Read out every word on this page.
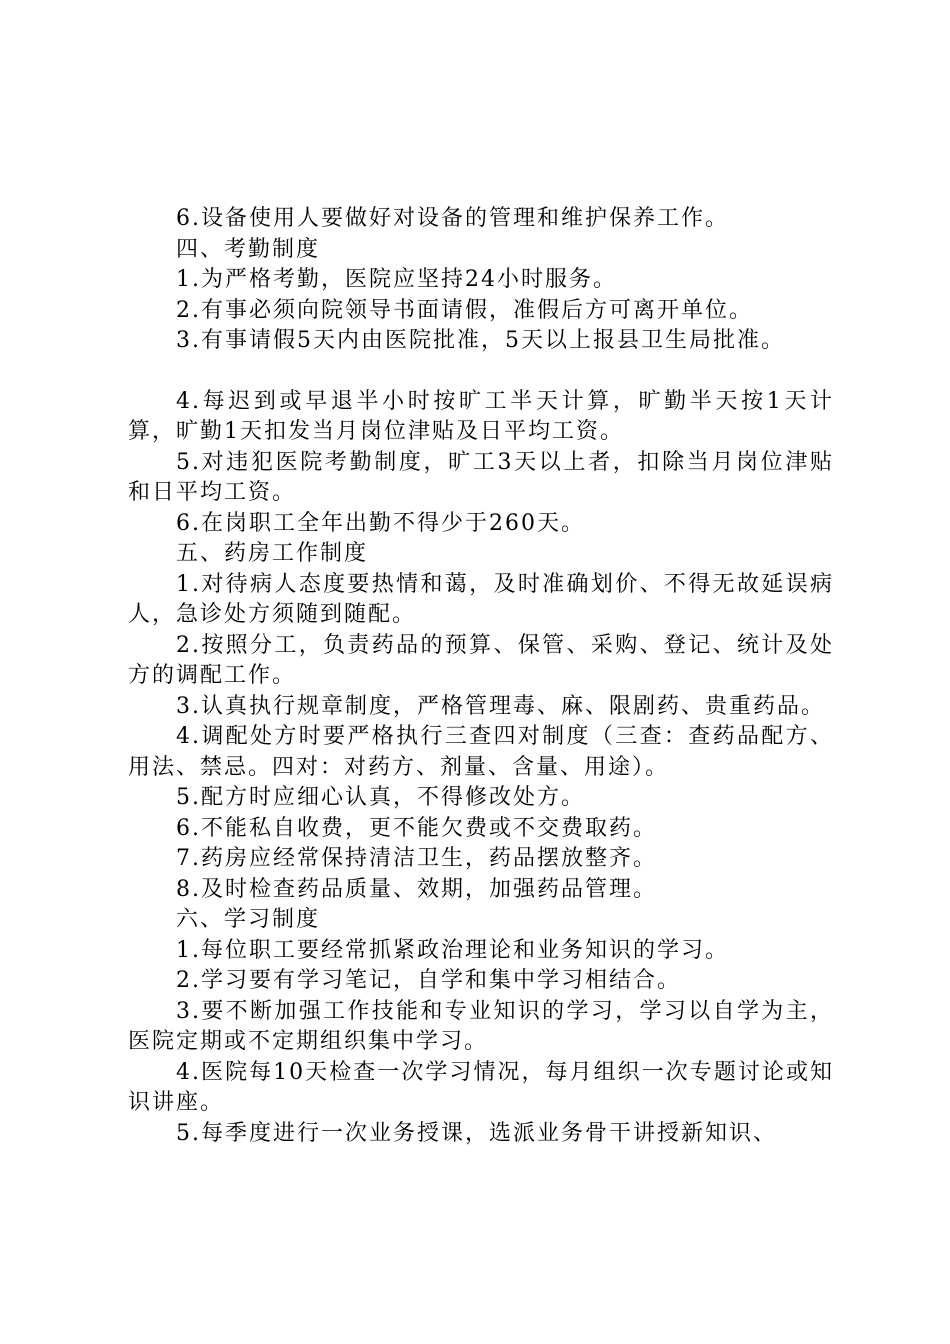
6.设备使用人要做好对设备的管理和维护保养工作。

四、考勤制度

1.为严格考勤，医院应坚持24小时服务。

2.有事必须向院领导书面请假，准假后方可离开单位。

3.有事请假5天内由医院批准，5天以上报县卫生局批准。

4.每迟到或早退半小时按旷工半天计算，旷勤半天按1天计算，旷勤1天扣发当月岗位津贴及日平均工资。

5.对违犯医院考勤制度，旷工3天以上者，扣除当月岗位津贴和日平均工资。

6.在岗职工全年出勤不得少于260天。

五、药房工作制度

1.对待病人态度要热情和蔼，及时准确划价、不得无故延误病人，急诊处方须随到随配。

2.按照分工，负责药品的预算、保管、采购、登记、统计及处方的调配工作。

3.认真执行规章制度，严格管理毒、麻、限剧药、贵重药品。

4.调配处方时要严格执行三查四对制度（三查：查药品配方、用法、禁忌。四对：对药方、剂量、含量、用途）。

5.配方时应细心认真，不得修改处方。

6.不能私自收费，更不能欠费或不交费取药。

7.药房应经常保持清洁卫生，药品摆放整齐。

8.及时检查药品质量、效期，加强药品管理。

六、学习制度

1.每位职工要经常抓紧政治理论和业务知识的学习。

2.学习要有学习笔记，自学和集中学习相结合。

3.要不断加强工作技能和专业知识的学习，学习以自学为主，医院定期或不定期组织集中学习。

4.医院每10天检查一次学习情况，每月组织一次专题讨论或知识讲座。

5.每季度进行一次业务授课，选派业务骨干讲授新知识、
